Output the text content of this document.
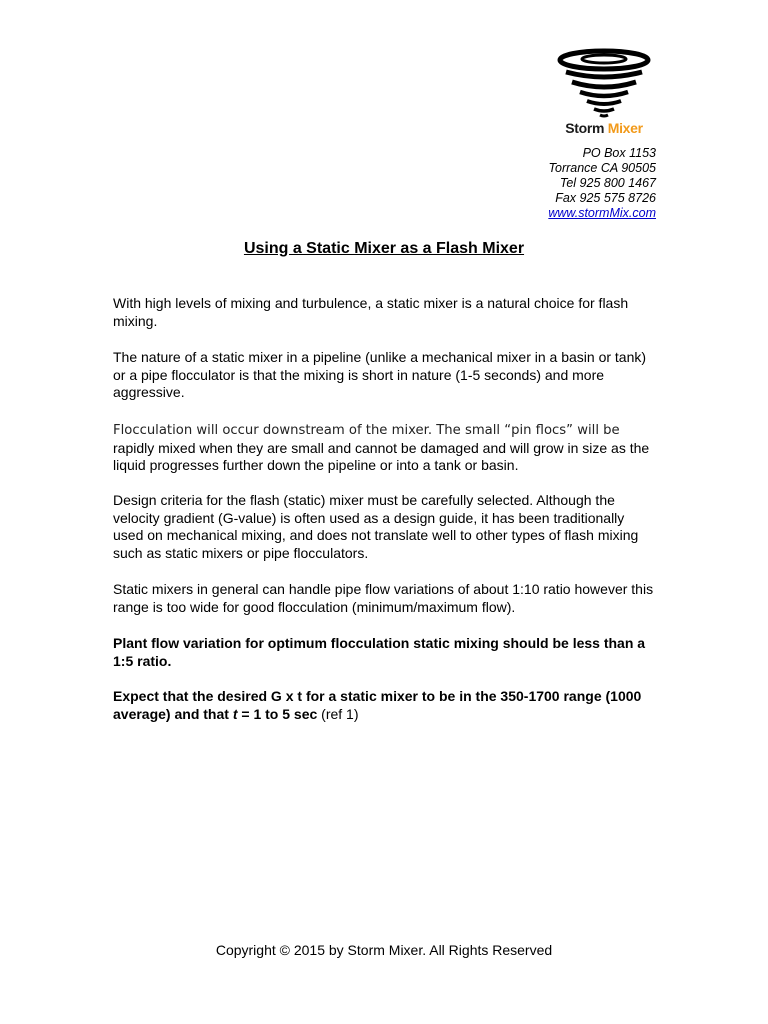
Storm Mixer
PO Box 1153
Torrance CA 90505
Tel 925 800 1467
Fax 925 575 8726
www.stormMix.com
Using a Static Mixer as a Flash Mixer

With high levels of mixing and turbulence, a static mixer is a natural choice for flash mixing.

The nature of a static mixer in a pipeline (unlike a mechanical mixer in a basin or tank) or a pipe flocculator is that the mixing is short in nature (1-5 seconds) and more aggressive.

Flocculation will occur downstream of the mixer. The small “pin flocs” will be rapidly mixed when they are small and cannot be damaged and will grow in size as the liquid progresses further down the pipeline or into a tank or basin.

Design criteria for the flash (static) mixer must be carefully selected. Although the velocity gradient (G-value) is often used as a design guide, it has been traditionally used on mechanical mixing, and does not translate well to other types of flash mixing such as static mixers or pipe flocculators.

Static mixers in general can handle pipe flow variations of about 1:10 ratio however this range is too wide for good flocculation (minimum/maximum flow).

Plant flow variation for optimum flocculation static mixing should be less than a 1:5 ratio.

Expect that the desired G x t for a static mixer to be in the 350-1700 range (1000 average) and that t = 1 to 5 sec (ref 1)

Copyright © 2015 by Storm Mixer. All Rights Reserved
